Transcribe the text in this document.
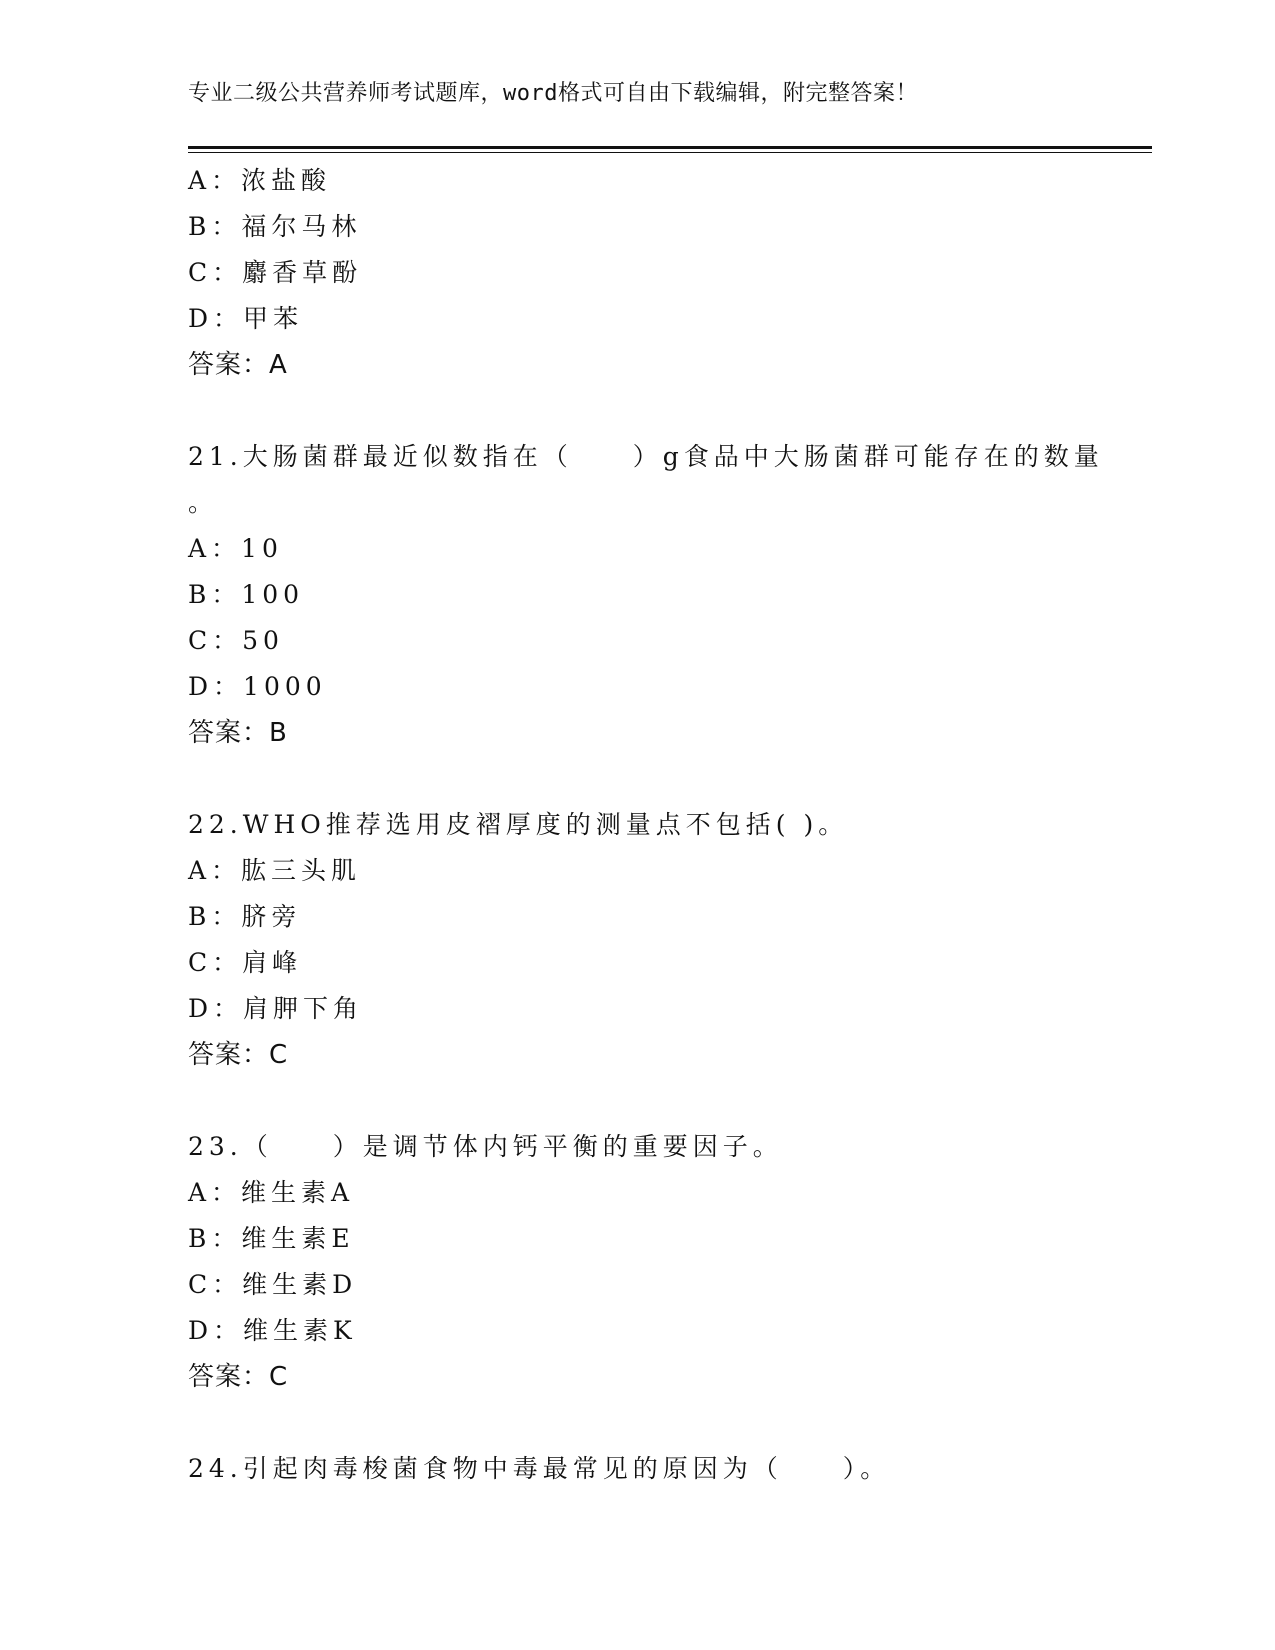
专业二级公共营养师考试题库，word格式可自由下载编辑，附完整答案！
A：浓盐酸
B：福尔马林
C：麝香草酚
D：甲苯
答案：A
21.大肠菌群最近似数指在（　　）g食品中大肠菌群可能存在的数量
。
A：10
B：100
C：50
D：1000
答案：B
22.WHO推荐选用皮褶厚度的测量点不包括( )。
A：肱三头肌
B：脐旁
C：肩峰
D：肩胛下角
答案：C
23.（　　）是调节体内钙平衡的重要因子。
A：维生素A
B：维生素E
C：维生素D
D：维生素K
答案：C
24.引起肉毒梭菌食物中毒最常见的原因为（　　）。
